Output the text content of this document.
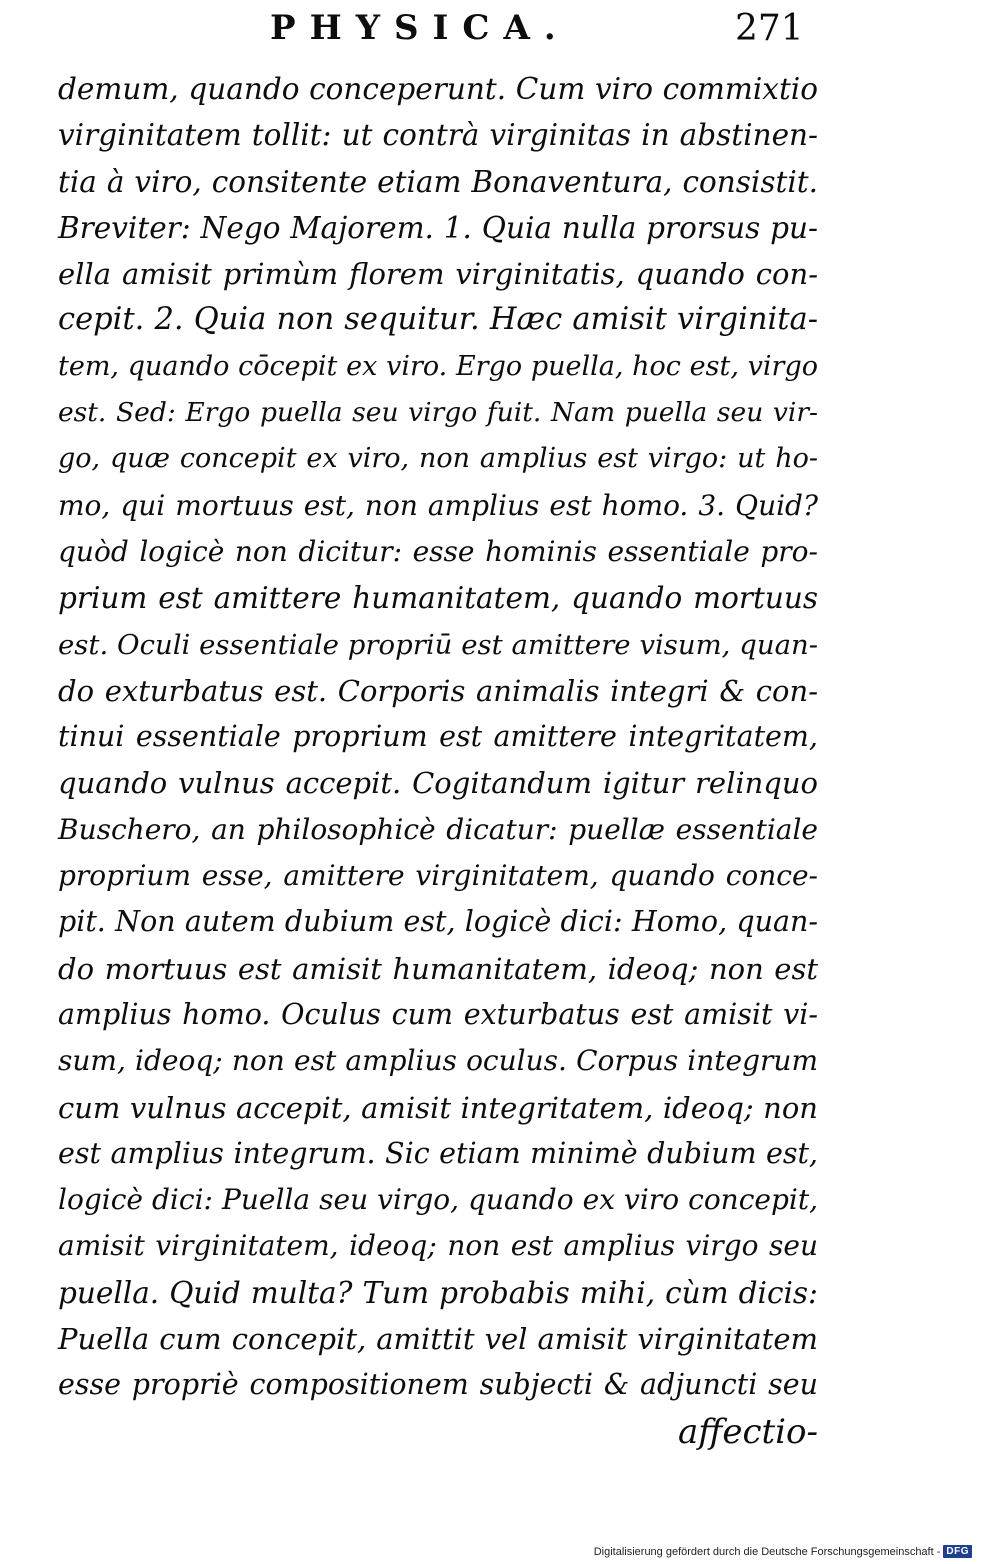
PHYSICA.	271
demum, quando conceperunt. Cum viro commixtio
virginitatem tollit: ut contrà virginitas in abstinen-
tia à viro, consitente etiam Bonaventura, consistit.
Breviter: Nego Majorem. 1. Quia nulla prorsus pu-
ella amisit primùm florem virginitatis, quando con-
cepit. 2. Quia non sequitur. Hæc amisit virginita-
tem, quando cōcepit ex viro. Ergo puella, hoc est, virgo
est. Sed: Ergo puella seu virgo fuit. Nam puella seu vir-
go, quæ concepit ex viro, non amplius est virgo: ut ho-
mo, qui mortuus est, non amplius est homo. 3. Quid?
quòd logicè non dicitur: esse hominis essentiale pro-
prium est amittere humanitatem, quando mortuus
est. Oculi essentiale propriū est amittere visum, quan-
do exturbatus est. Corporis animalis integri & con-
tinui essentiale proprium est amittere integritatem,
quando vulnus accepit. Cogitandum igitur relinquo
Buschero, an philosophicè dicatur: puellæ essentiale
proprium esse, amittere virginitatem, quando conce-
pit. Non autem dubium est, logicè dici: Homo, quan-
do mortuus est amisit humanitatem, ideoq; non est
amplius homo. Oculus cum exturbatus est amisit vi-
sum, ideoq; non est amplius oculus. Corpus integrum
cum vulnus accepit, amisit integritatem, ideoq; non
est amplius integrum. Sic etiam minimè dubium est,
logicè dici: Puella seu virgo, quando ex viro concepit,
amisit virginitatem, ideoq; non est amplius virgo seu
puella. Quid multa? Tum probabis mihi, cùm dicis:
Puella cum concepit, amittit vel amisit virginitatem
esse propriè compositionem subjecti & adjuncti seu
affectio-
Digitalisierung gefördert durch die Deutsche Forschungsgemeinschaft - DFG
